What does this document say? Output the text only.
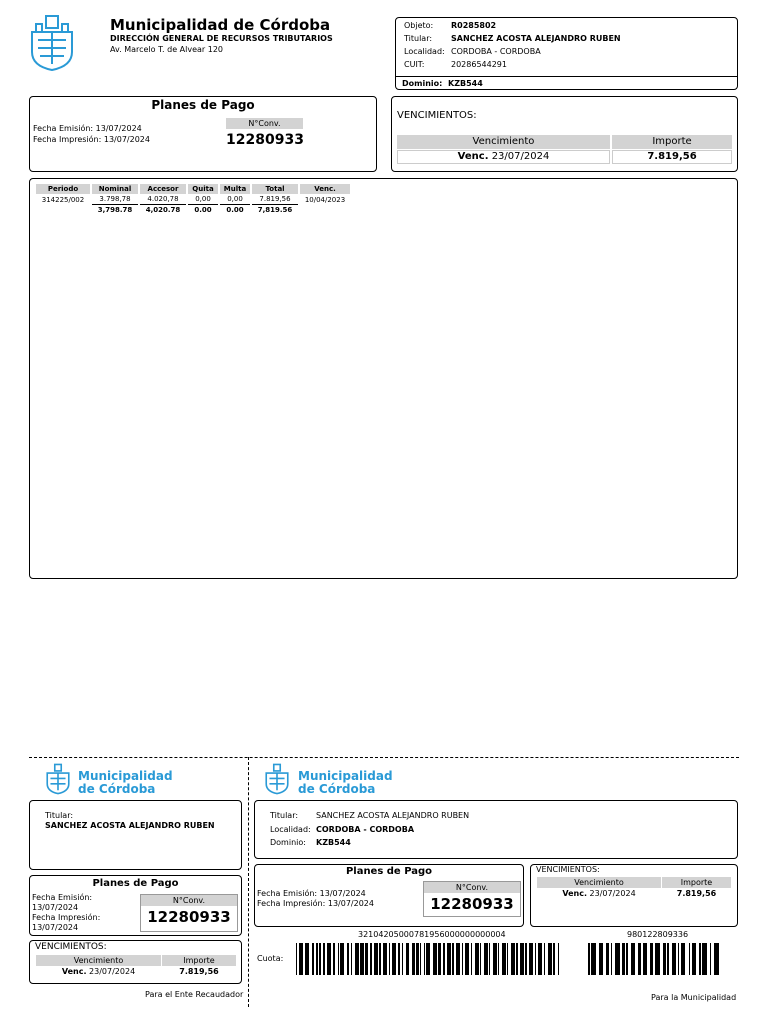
Municipalidad de Córdoba
DIRECCIÓN GENERAL DE RECURSOS TRIBUTARIOS
Av. Marcelo T. de Alvear 120
Objeto: R0285802
Titular: SANCHEZ ACOSTA ALEJANDRO RUBEN
Localidad: CORDOBA - CORDOBA
CUIT:	20286544291
Dominio: KZB544
Planes de Pago
Fecha Emisión: 13/07/2024
Fecha Impresión: 13/07/2024
N°Conv.
12280933
VENCIMIENTOS:
Vencimiento	Importe
Venc. 23/07/2024	7.819,56
Periodo	Nominal	Accesor	Quita	Multa	Total	Venc.
314225/002	3.798,78	4.020,78	0,00	0,00	7.819,56	10/04/2023
	3,798.78	4,020.78	0.00	0.00	7,819.56	
Municipalidad
de Córdoba
Municipalidad
de Córdoba
Titular:
SANCHEZ ACOSTA ALEJANDRO RUBEN
Planes de Pago
Fecha Emisión:
13/07/2024
Fecha Impresión:
13/07/2024
N°Conv.
12280933
VENCIMIENTOS:
Vencimiento	Importe
Venc. 23/07/2024	7.819,56
Para el Ente Recaudador
Titular: SANCHEZ ACOSTA ALEJANDRO RUBEN
Localidad: CORDOBA - CORDOBA
Dominio: KZB544
Planes de Pago
Fecha Emisión: 13/07/2024
Fecha Impresión: 13/07/2024
N°Conv.
12280933
VENCIMIENTOS:
Vencimiento	Importe
Venc. 23/07/2024	7.819,56
32104205000781956000000000004	980122809336
Cuota:
Para la Municipalidad
